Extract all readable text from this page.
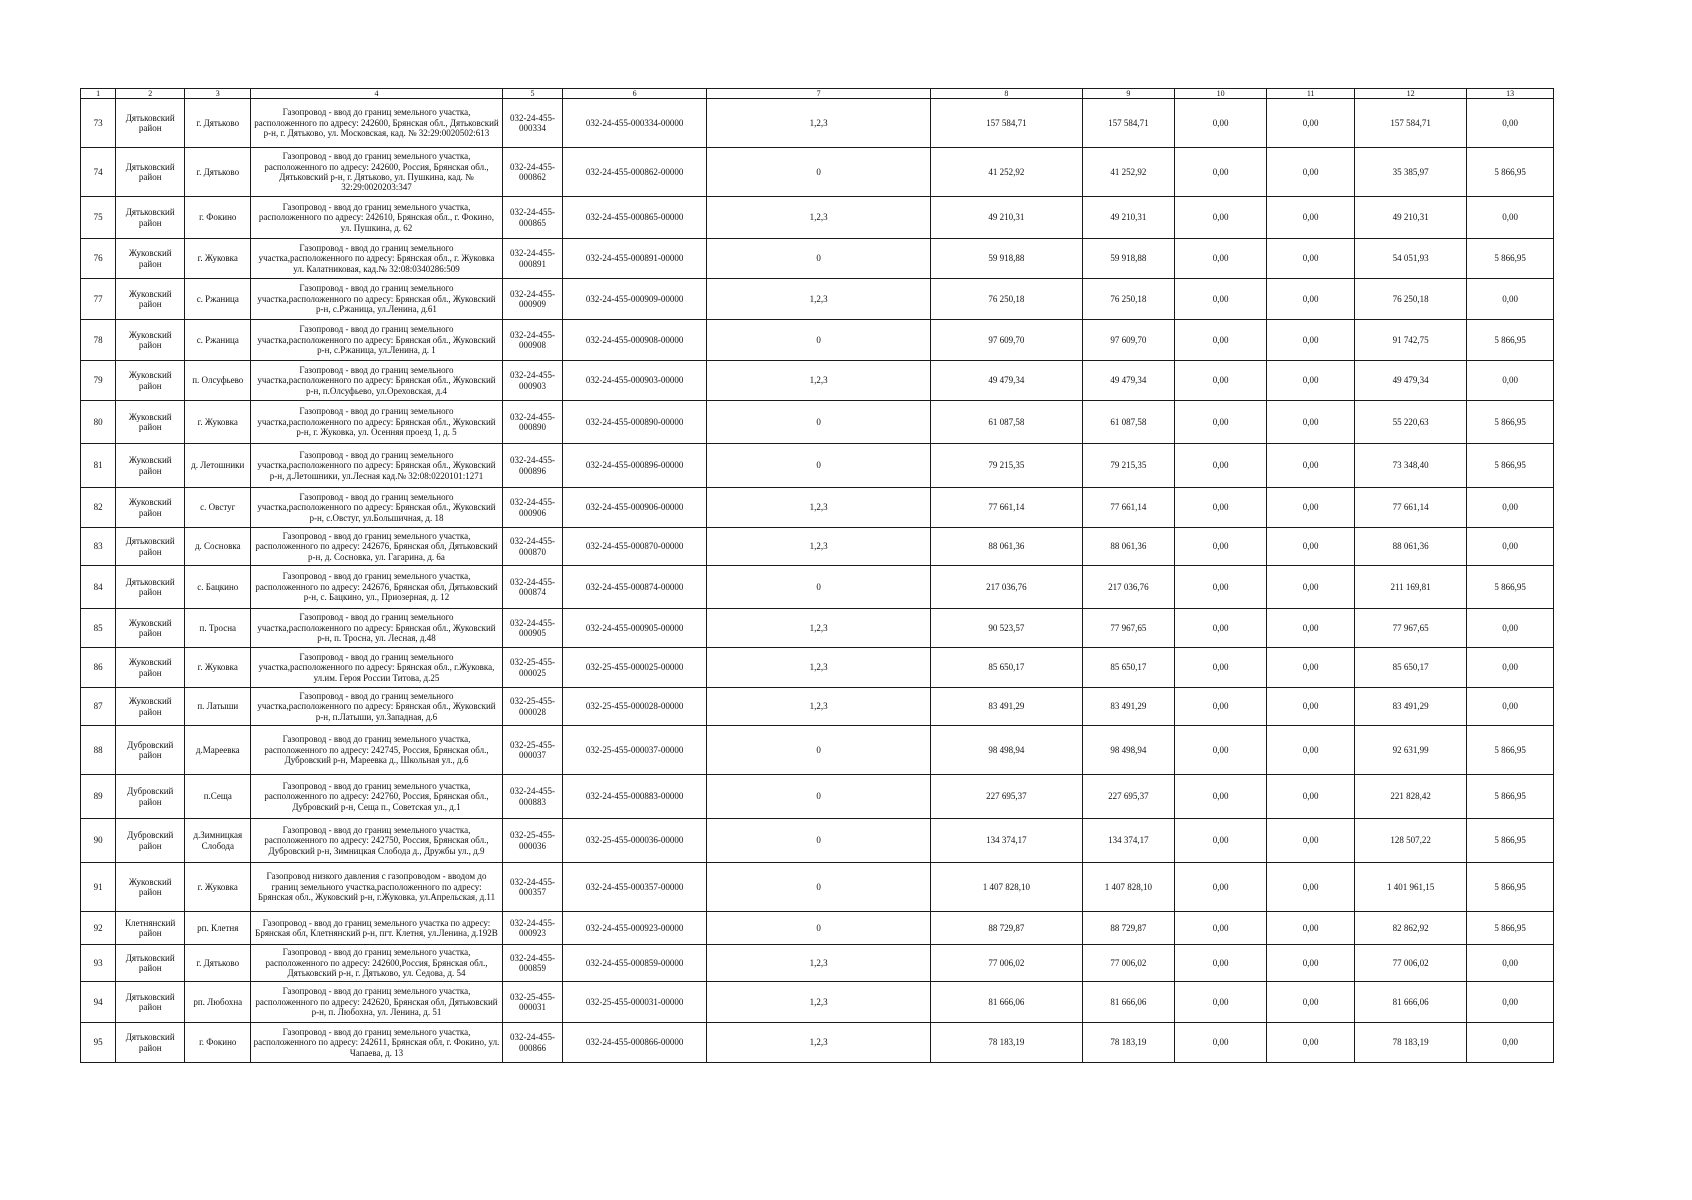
1	2	3	4	5	6	7	8	9	10	11	12	13
73	Дятьковский район	г. Дятьково	Газопровод - ввод до границ земельного участка, расположенного по адресу: 242600, Брянская обл., Дятьковский р-н, г. Дятьково, ул. Московская, кад. № 32:29:0020502:613	032-24-455-000334	032-24-455-000334-00000	1,2,3	157 584,71	157 584,71	0,00	0,00	157 584,71	0,00
74	Дятьковский район	г. Дятьково	Газопровод - ввод до границ земельного участка, расположенного по адресу: 242600, Россия, Брянская обл., Дятьковский р-н, г. Дятьково, ул. Пушкина, кад. № 32:29:0020203:347	032-24-455-000862	032-24-455-000862-00000	0	41 252,92	41 252,92	0,00	0,00	35 385,97	5 866,95
75	Дятьковский район	г. Фокино	Газопровод - ввод до границ земельного участка, расположенного по адресу: 242610, Брянская обл., г. Фокино, ул. Пушкина, д. 62	032-24-455-000865	032-24-455-000865-00000	1,2,3	49 210,31	49 210,31	0,00	0,00	49 210,31	0,00
76	Жуковский район	г. Жуковка	Газопровод - ввод до границ земельного участка,расположенного по адресу: Брянская обл., г. Жуковка ул. Калатниковая, кад.№ 32:08:0340286:509	032-24-455-000891	032-24-455-000891-00000	0	59 918,88	59 918,88	0,00	0,00	54 051,93	5 866,95
77	Жуковский район	с. Ржаница	Газопровод - ввод до границ земельного участка,расположенного по адресу: Брянская обл., Жуковский р-н, с.Ржаница, ул.Ленина, д.61	032-24-455-000909	032-24-455-000909-00000	1,2,3	76 250,18	76 250,18	0,00	0,00	76 250,18	0,00
78	Жуковский район	с. Ржаница	Газопровод - ввод до границ земельного участка,расположенного по адресу: Брянская обл., Жуковский р-н, с.Ржаница, ул.Ленина, д. 1	032-24-455-000908	032-24-455-000908-00000	0	97 609,70	97 609,70	0,00	0,00	91 742,75	5 866,95
79	Жуковский район	п. Олсуфьево	Газопровод - ввод до границ земельного участка,расположенного по адресу: Брянская обл., Жуковский р-н, п.Олсуфьево, ул.Ореховская, д.4	032-24-455-000903	032-24-455-000903-00000	1,2,3	49 479,34	49 479,34	0,00	0,00	49 479,34	0,00
80	Жуковский район	г. Жуковка	Газопровод - ввод до границ земельного участка,расположенного по адресу: Брянская обл., Жуковский р-н, г. Жуковка, ул. Осенняя проезд 1, д. 5	032-24-455-000890	032-24-455-000890-00000	0	61 087,58	61 087,58	0,00	0,00	55 220,63	5 866,95
81	Жуковский район	д. Летошники	Газопровод - ввод до границ земельного участка,расположенного по адресу: Брянская обл., Жуковский р-н, д.Летошники, ул.Лесная кад.№ 32:08:0220101:1271	032-24-455-000896	032-24-455-000896-00000	0	79 215,35	79 215,35	0,00	0,00	73 348,40	5 866,95
82	Жуковский район	с. Овстуг	Газопровод - ввод до границ земельного участка,расположенного по адресу: Брянская обл., Жуковский р-н, с.Овстуг, ул.Большичная, д. 18	032-24-455-000906	032-24-455-000906-00000	1,2,3	77 661,14	77 661,14	0,00	0,00	77 661,14	0,00
83	Дятьковский район	д. Сосновка	Газопровод - ввод до границ земельного участка, расположенного по адресу: 242676, Брянская обл, Дятьковский р-н, д. Сосновка, ул. Гагарина, д. 6а	032-24-455-000870	032-24-455-000870-00000	1,2,3	88 061,36	88 061,36	0,00	0,00	88 061,36	0,00
84	Дятьковский район	с. Бацкино	Газопровод - ввод до границ земельного участка, расположенного по адресу: 242676, Брянская обл, Дятьковский р-н, с. Бацкино, ул., Приозерная, д. 12	032-24-455-000874	032-24-455-000874-00000	0	217 036,76	217 036,76	0,00	0,00	211 169,81	5 866,95
85	Жуковский район	п. Тросна	Газопровод - ввод до границ земельного участка,расположенного по адресу: Брянская обл., Жуковский р-н, п. Тросна, ул. Лесная, д.48	032-24-455-000905	032-24-455-000905-00000	1,2,3	90 523,57	77 967,65	0,00	0,00	77 967,65	0,00
86	Жуковский район	г. Жуковка	Газопровод - ввод до границ земельного участка,расположенного по адресу: Брянская обл., г.Жуковка, ул.им. Героя России Титова, д.25	032-25-455-000025	032-25-455-000025-00000	1,2,3	85 650,17	85 650,17	0,00	0,00	85 650,17	0,00
87	Жуковский район	п. Латыши	Газопровод - ввод до границ земельного участка,расположенного по адресу: Брянская обл., Жуковский р-н, п.Латыши, ул.Западная, д.6	032-25-455-000028	032-25-455-000028-00000	1,2,3	83 491,29	83 491,29	0,00	0,00	83 491,29	0,00
88	Дубровский район	д.Мареевка	Газопровод - ввод до границ земельного участка, расположенного по адресу: 242745, Россия, Брянская обл., Дубровский р-н, Мареевка д., Школьная ул., д.6	032-25-455-000037	032-25-455-000037-00000	0	98 498,94	98 498,94	0,00	0,00	92 631,99	5 866,95
89	Дубровский район	п.Сеща	Газопровод - ввод до границ земельного участка, расположенного по адресу: 242760, Россия, Брянская обл., Дубровский р-н, Сеща п., Советская ул., д.1	032-24-455-000883	032-24-455-000883-00000	0	227 695,37	227 695,37	0,00	0,00	221 828,42	5 866,95
90	Дубровский район	д.Зимницкая Слобода	Газопровод - ввод до границ земельного участка, расположенного по адресу: 242750, Россия, Брянская обл., Дубровский р-н, Зимницкая Слобода д., Дружбы ул., д.9	032-25-455-000036	032-25-455-000036-00000	0	134 374,17	134 374,17	0,00	0,00	128 507,22	5 866,95
91	Жуковский район	г. Жуковка	Газопровод низкого давления с газопроводом - вводом до границ земельного участка,расположенного по адресу: Брянская обл., Жуковский р-н, г.Жуковка, ул.Апрельская, д.11	032-24-455-000357	032-24-455-000357-00000	0	1 407 828,10	1 407 828,10	0,00	0,00	1 401 961,15	5 866,95
92	Клетнянский район	рп. Клетня	Газопровод - ввод до границ земельного участка по адресу: Брянская обл, Клетнянский р-н, пгт. Клетня, ул.Ленина, д.192В	032-24-455-000923	032-24-455-000923-00000	0	88 729,87	88 729,87	0,00	0,00	82 862,92	5 866,95
93	Дятьковский район	г. Дятьково	Газопровод - ввод до границ земельного участка, расположенного по адресу: 242600,Россия, Брянская обл., Дятьковский р-н, г. Дятьково, ул. Седова, д. 54	032-24-455-000859	032-24-455-000859-00000	1,2,3	77 006,02	77 006,02	0,00	0,00	77 006,02	0,00
94	Дятьковский район	рп. Любохна	Газопровод - ввод до границ земельного участка, расположенного по адресу: 242620, Брянская обл, Дятьковский р-н, п. Любохна, ул. Ленина, д. 51	032-25-455-000031	032-25-455-000031-00000	1,2,3	81 666,06	81 666,06	0,00	0,00	81 666,06	0,00
95	Дятьковский район	г. Фокино	Газопровод - ввод до границ земельного участка, расположенного по адресу: 242611, Брянская обл, г. Фокино, ул. Чапаева, д. 13	032-24-455-000866	032-24-455-000866-00000	1,2,3	78 183,19	78 183,19	0,00	0,00	78 183,19	0,00
